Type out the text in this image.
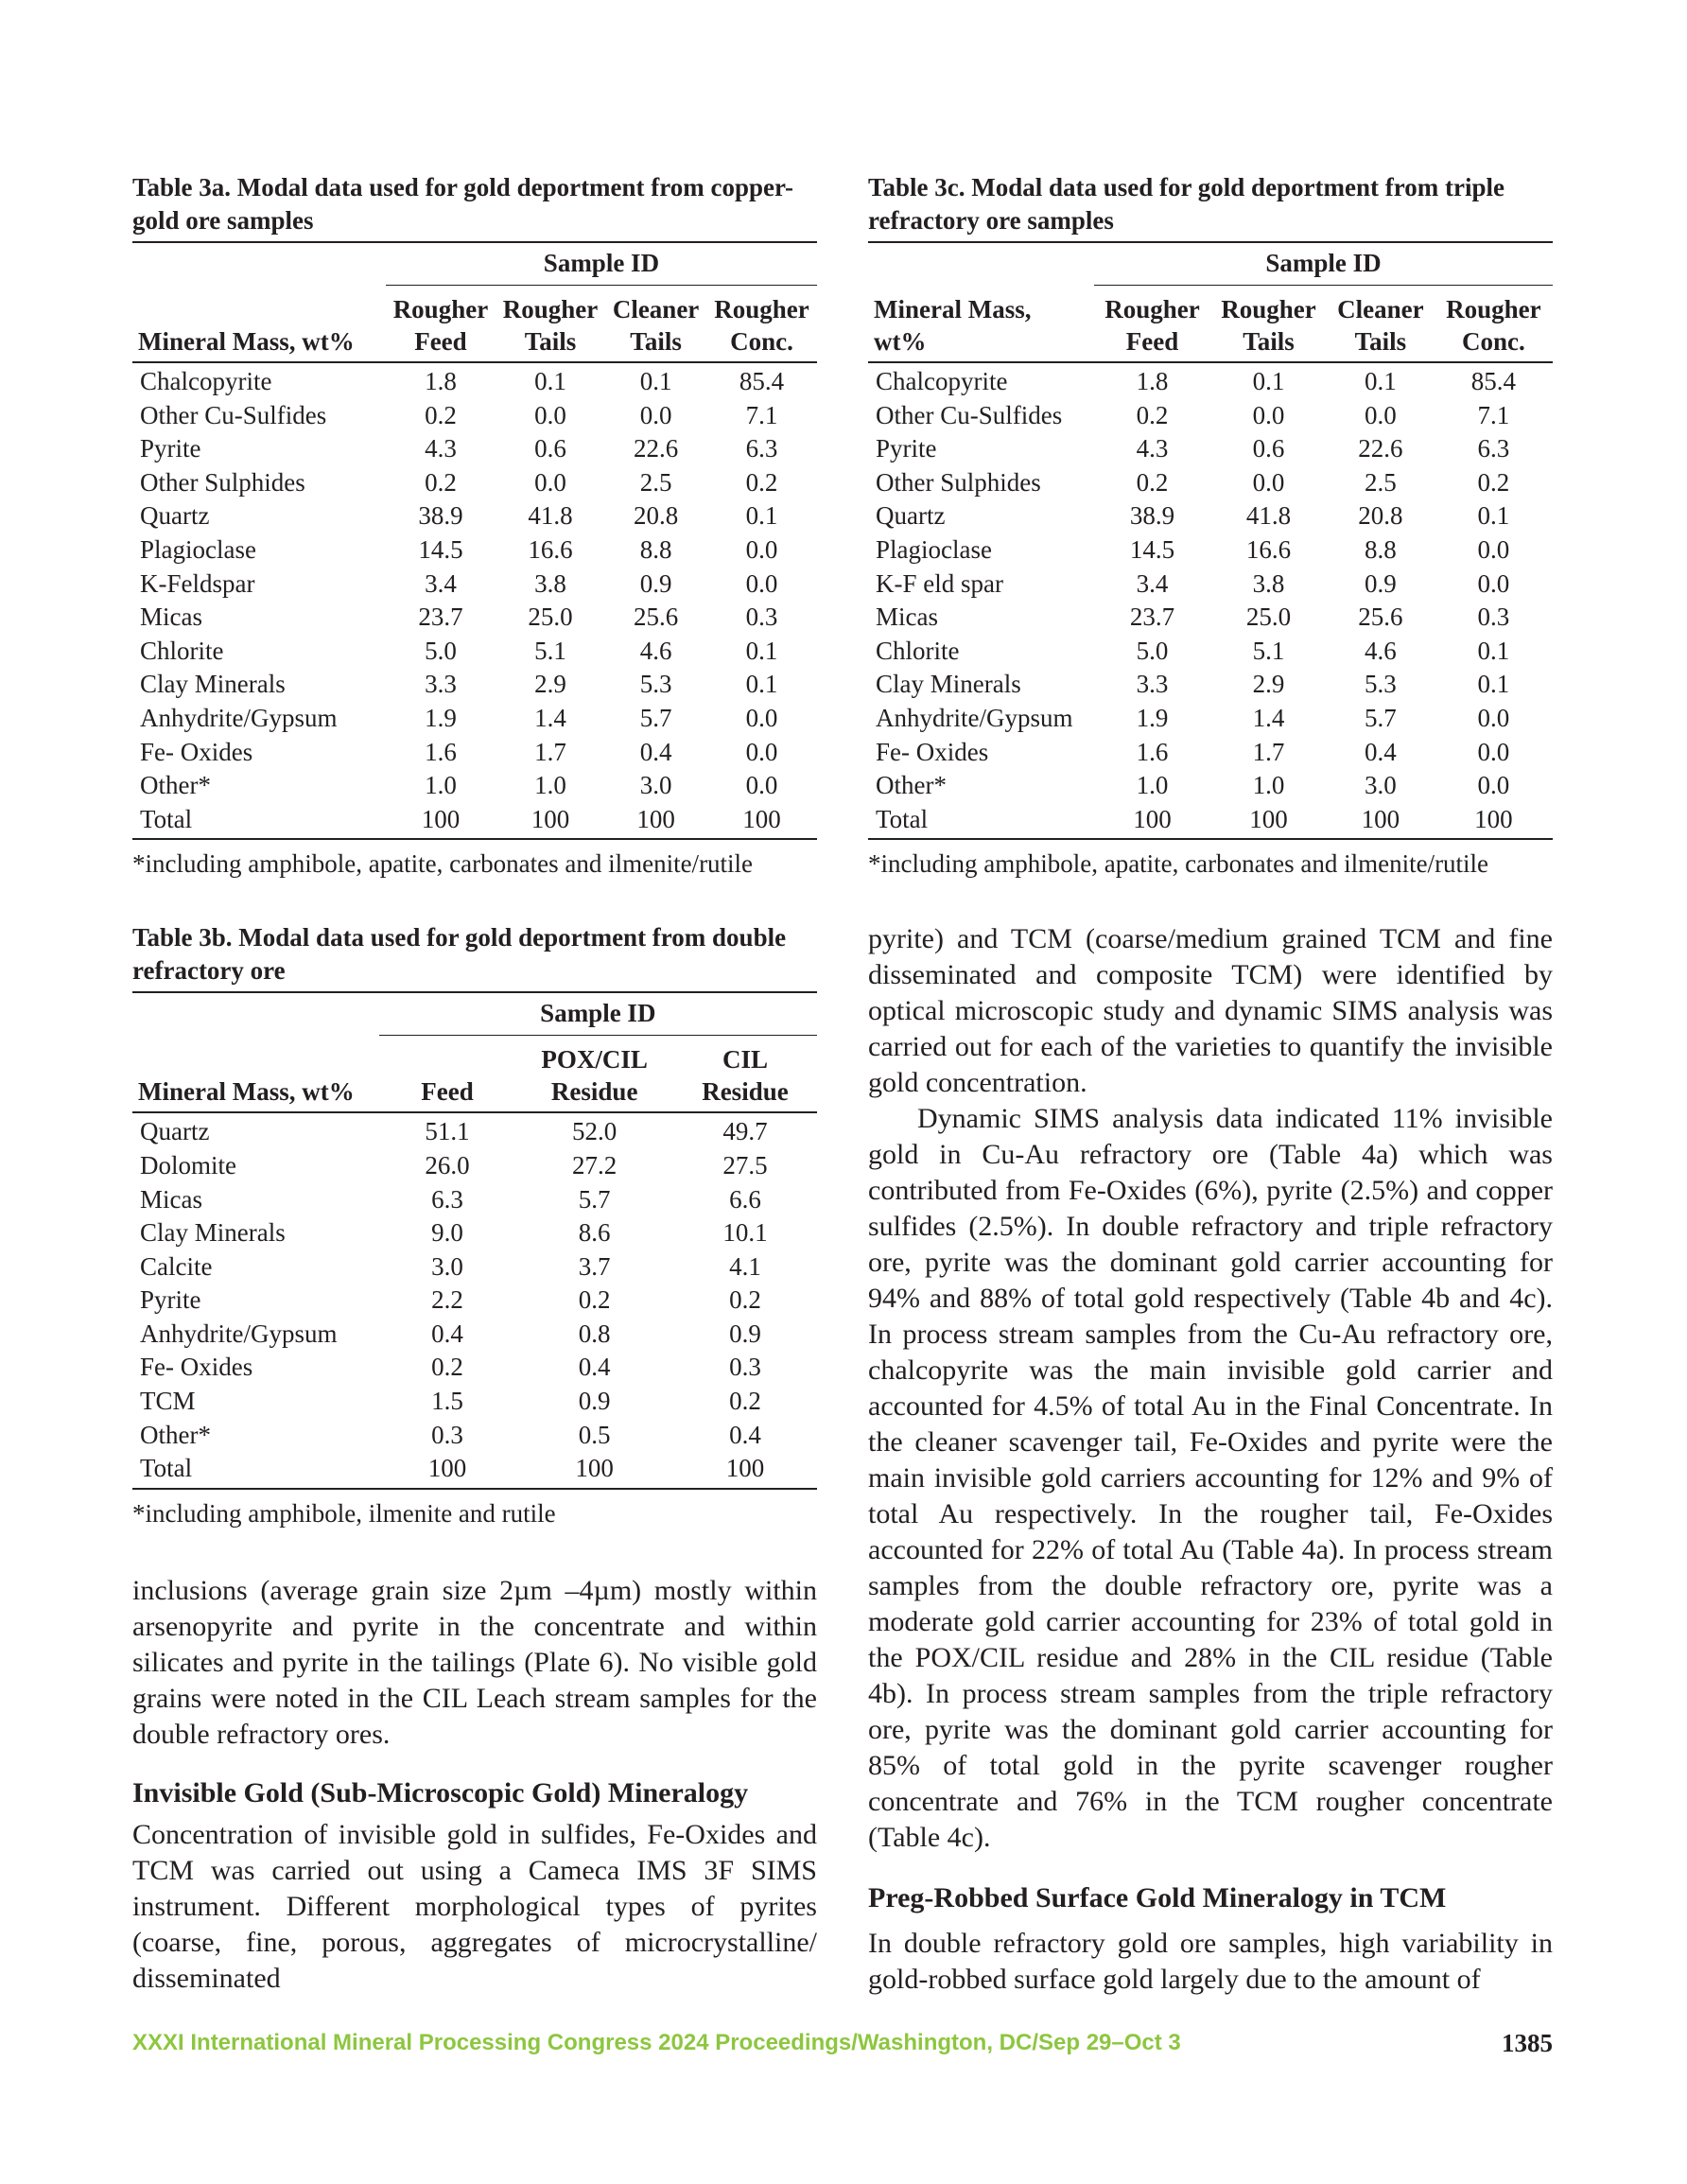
Table 3a. Modal data used for gold deportment from copper-gold ore samples

	Sample ID			
Mineral Mass, wt%	Rougher Feed	Rougher Tails	Cleaner Tails	Rougher Conc.
Chalcopyrite	1.8	0.1	0.1	85.4
Other Cu-Sulfides	0.2	0.0	0.0	7.1
Pyrite	4.3	0.6	22.6	6.3
Other Sulphides	0.2	0.0	2.5	0.2
Quartz	38.9	41.8	20.8	0.1
Plagioclase	14.5	16.6	8.8	0.0
K-Feldspar	3.4	3.8	0.9	0.0
Micas	23.7	25.0	25.6	0.3
Chlorite	5.0	5.1	4.6	0.1
Clay Minerals	3.3	2.9	5.3	0.1
Anhydrite/Gypsum	1.9	1.4	5.7	0.0
Fe- Oxides	1.6	1.7	0.4	0.0
Other*	1.0	1.0	3.0	0.0
Total	100	100	100	100

*including amphibole, apatite, carbonates and ilmenite/rutile

Table 3b. Modal data used for gold deportment from double refractory ore

	Sample ID		
Mineral Mass, wt%	Feed	POX/CIL Residue	CIL Residue
Quartz	51.1	52.0	49.7
Dolomite	26.0	27.2	27.5
Micas	6.3	5.7	6.6
Clay Minerals	9.0	8.6	10.1
Calcite	3.0	3.7	4.1
Pyrite	2.2	0.2	0.2
Anhydrite/Gypsum	0.4	0.8	0.9
Fe- Oxides	0.2	0.4	0.3
TCM	1.5	0.9	0.2
Other*	0.3	0.5	0.4
Total	100	100	100

*including amphibole, ilmenite and rutile

inclusions (average grain size 2µm –4µm) mostly within arsenopyrite and pyrite in the concentrate and within silicates and pyrite in the tailings (Plate 6). No visible gold grains were noted in the CIL Leach stream samples for the double refractory ores.

Invisible Gold (Sub-Microscopic Gold) Mineralogy

Concentration of invisible gold in sulfides, Fe-Oxides and TCM was carried out using a Cameca IMS 3F SIMS instrument. Different morphological types of pyrites (coarse, fine, porous, aggregates of microcrystalline/ disseminated

Table 3c. Modal data used for gold deportment from triple refractory ore samples

	Sample ID			
Mineral Mass, wt%	Rougher Feed	Rougher Tails	Cleaner Tails	Rougher Conc.
Chalcopyrite	1.8	0.1	0.1	85.4
Other Cu-Sulfides	0.2	0.0	0.0	7.1
Pyrite	4.3	0.6	22.6	6.3
Other Sulphides	0.2	0.0	2.5	0.2
Quartz	38.9	41.8	20.8	0.1
Plagioclase	14.5	16.6	8.8	0.0
K-F eld spar	3.4	3.8	0.9	0.0
Micas	23.7	25.0	25.6	0.3
Chlorite	5.0	5.1	4.6	0.1
Clay Minerals	3.3	2.9	5.3	0.1
Anhydrite/Gypsum	1.9	1.4	5.7	0.0
Fe- Oxides	1.6	1.7	0.4	0.0
Other*	1.0	1.0	3.0	0.0
Total	100	100	100	100

*including amphibole, apatite, carbonates and ilmenite/rutile

pyrite) and TCM (coarse/medium grained TCM and fine disseminated and composite TCM) were identified by optical microscopic study and dynamic SIMS analysis was carried out for each of the varieties to quantify the invisible gold concentration.

Dynamic SIMS analysis data indicated 11% invisible gold in Cu-Au refractory ore (Table 4a) which was contributed from Fe-Oxides (6%), pyrite (2.5%) and copper sulfides (2.5%). In double refractory and triple refractory ore, pyrite was the dominant gold carrier accounting for 94% and 88% of total gold respectively (Table 4b and 4c). In process stream samples from the Cu-Au refractory ore, chalcopyrite was the main invisible gold carrier and accounted for 4.5% of total Au in the Final Concentrate. In the cleaner scavenger tail, Fe-Oxides and pyrite were the main invisible gold carriers accounting for 12% and 9% of total Au respectively. In the rougher tail, Fe-Oxides accounted for 22% of total Au (Table 4a). In process stream samples from the double refractory ore, pyrite was a moderate gold carrier accounting for 23% of total gold in the POX/CIL residue and 28% in the CIL residue (Table 4b). In process stream samples from the triple refractory ore, pyrite was the dominant gold carrier accounting for 85% of total gold in the pyrite scavenger rougher concentrate and 76% in the TCM rougher concentrate (Table 4c).

Preg-Robbed Surface Gold Mineralogy in TCM

In double refractory gold ore samples, high variability in gold-robbed surface gold largely due to the amount of

XXXI International Mineral Processing Congress 2024 Proceedings/Washington, DC/Sep 29–Oct 3	1385
